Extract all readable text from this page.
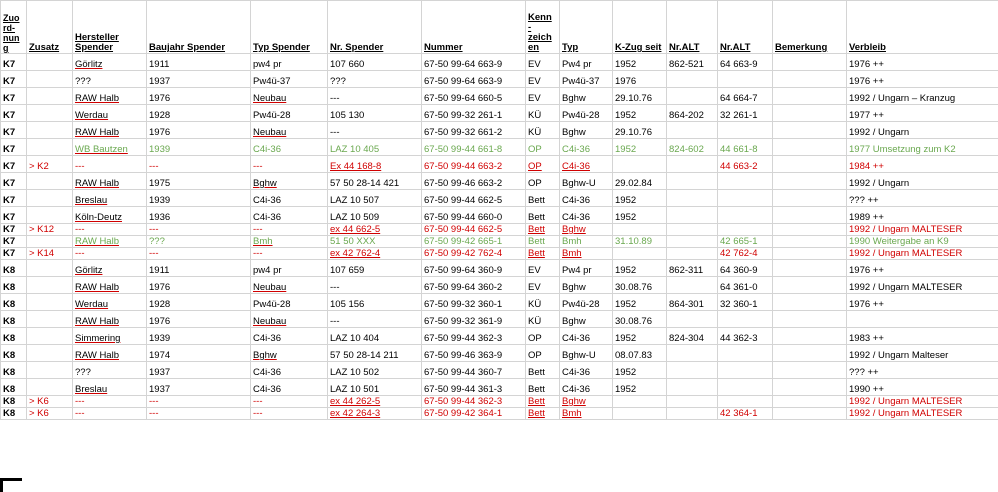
Zuo rd- nun g	Zusatz	Hersteller Spender	Baujahr Spender	Typ Spender	Nr. Spender	Nummer	Kenn - zeich en	Typ	K-Zug seit	Nr.ALT	Nr.ALT	Bemerkung	Verbleib
K7		Görlitz	1911	pw4 pr	107 660	67-50 99-64 663-9	EV	Pw4 pr	1952	862-521	64 663-9		1976 ++
K7		???	1937	Pw4ü-37	???	67-50 99-64 663-9	EV	Pw4ü-37	1976				1976 ++
K7		RAW Halb	1976	Neubau	---	67-50 99-64 660-5	EV	Bghw	29.10.76		64 664-7		1992 / Ungarn – Kranzug
K7		Werdau	1928	Pw4ü-28	105 130	67-50 99-32 261-1	KÜ	Pw4ü-28	1952	864-202	32 261-1		1977 ++
K7		RAW Halb	1976	Neubau	---	67-50 99-32 661-2	KÜ	Bghw	29.10.76				1992 / Ungarn
K7		WB Bautzen	1939	C4i-36	LAZ 10 405	67-50 99-44 661-8	OP	C4i-36	1952	824-602	44 661-8		1977 Umsetzung zum K2
K7	> K2	---	---	---	Ex 44 168-8	67-50 99-44 663-2	OP	C4i-36			44 663-2		1984 ++
K7		RAW Halb	1975	Bghw	57 50 28-14 421	67-50 99-46 663-2	OP	Bghw-U	29.02.84				1992 / Ungarn
K7		Breslau	1939	C4i-36	LAZ 10 507	67-50 99-44 662-5	Bett	C4i-36	1952				??? ++
K7		Köln-Deutz	1936	C4i-36	LAZ 10 509	67-50 99-44 660-0	Bett	C4i-36	1952				1989 ++
K7	> K12	---	---	---	ex 44 662-5	67-50 99-44 662-5	Bett	Bghw					1992 / Ungarn MALTESER
K7		RAW Halb	???	Bmh	51 50 XXX	67-50 99-42 665-1	Bett	Bmh	31.10.89		42 665-1		1990 Weitergabe an K9
K7	> K14	---	---	---	ex 42 762-4	67-50 99-42 762-4	Bett	Bmh			42 762-4		1992 / Ungarn MALTESER
K8		Görlitz	1911	pw4 pr	107 659	67-50 99-64 360-9	EV	Pw4 pr	1952	862-311	64 360-9		1976 ++
K8		RAW Halb	1976	Neubau	---	67-50 99-64 360-2	EV	Bghw	30.08.76		64 361-0		1992 / Ungarn MALTESER
K8		Werdau	1928	Pw4ü-28	105 156	67-50 99-32 360-1	KÜ	Pw4ü-28	1952	864-301	32 360-1		1976 ++
K8		RAW Halb	1976	Neubau	---	67-50 99-32 361-9	KÜ	Bghw	30.08.76				
K8		Simmering	1939	C4i-36	LAZ 10 404	67-50 99-44 362-3	OP	C4i-36	1952	824-304	44 362-3		1983 ++
K8		RAW Halb	1974	Bghw	57 50 28-14 211	67-50 99-46 363-9	OP	Bghw-U	08.07.83				1992 / Ungarn Malteser
K8		???	1937	C4i-36	LAZ 10 502	67-50 99-44 360-7	Bett	C4i-36	1952				??? ++
K8		Breslau	1937	C4i-36	LAZ 10 501	67-50 99-44 361-3	Bett	C4i-36	1952				1990 ++
K8	> K6	---	---	---	ex 44 262-5	67-50 99-44 362-3	Bett	Bghw					1992 / Ungarn MALTESER
K8	> K6	---	---	---	ex 42 264-3	67-50 99-42 364-1	Bett	Bmh			42 364-1		1992 / Ungarn MALTESER
